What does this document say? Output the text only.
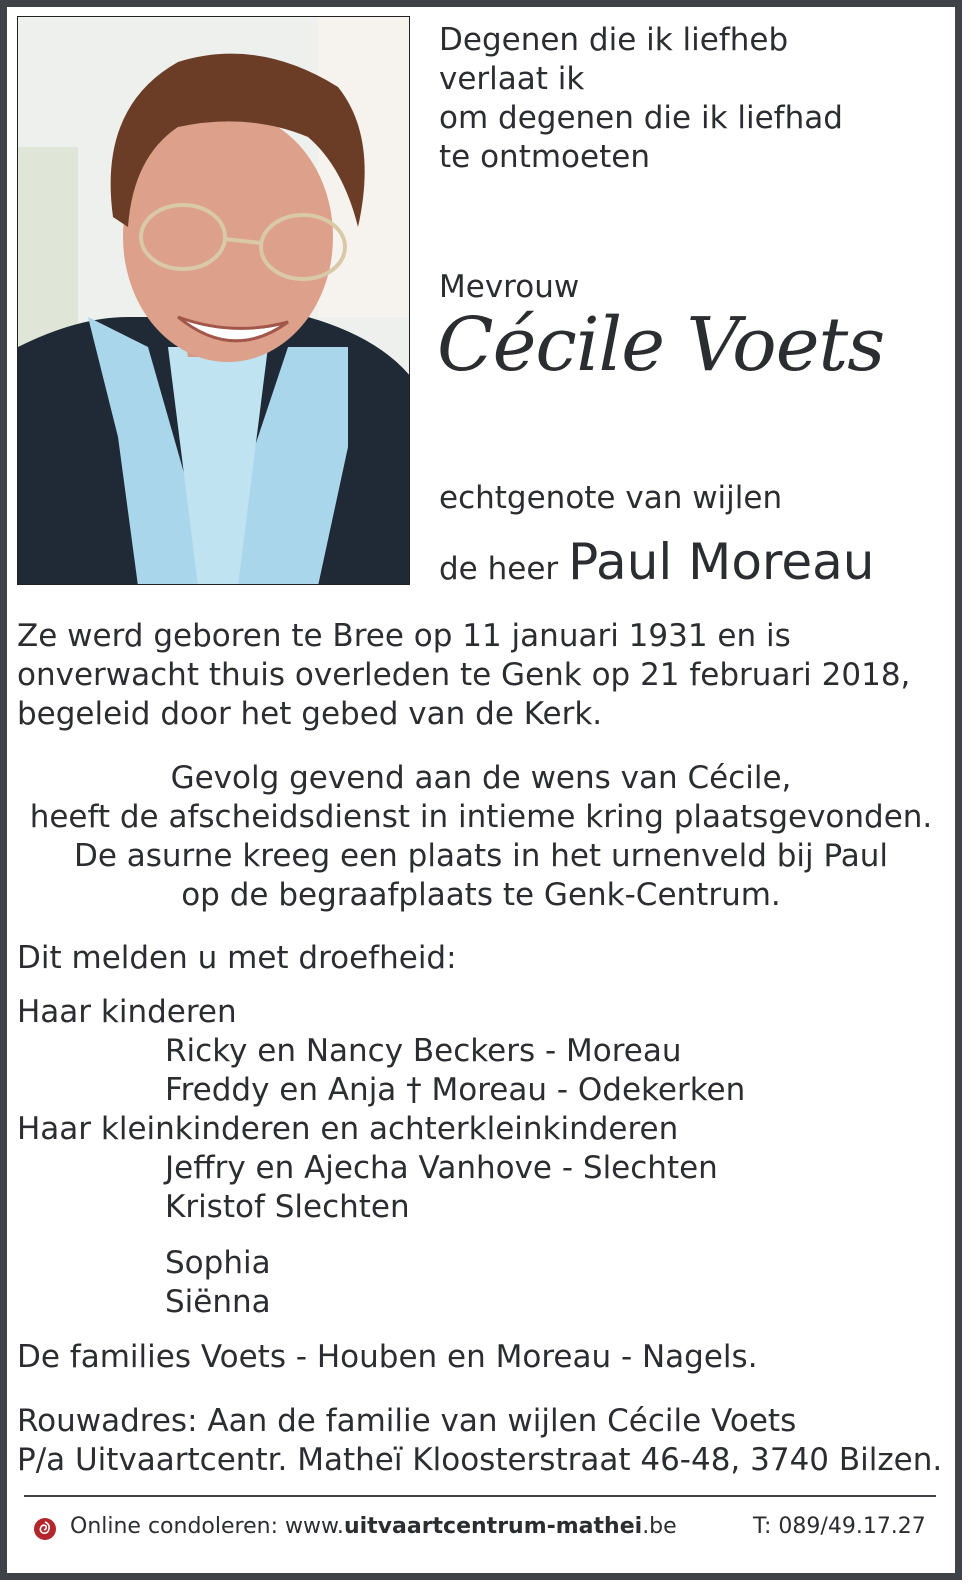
Degenen die ik liefheb
verlaat ik
om degenen die ik liefhad
te ontmoeten
Mevrouw
Cécile Voets
echtgenote van wijlen
de heer Paul Moreau
Ze werd geboren te Bree op 11 januari 1931 en is
onverwacht thuis overleden te Genk op 21 februari 2018,
begeleid door het gebed van de Kerk.
Gevolg gevend aan de wens van Cécile,
heeft de afscheidsdienst in intieme kring plaatsgevonden.
De asurne kreeg een plaats in het urnenveld bij Paul
op de begraafplaats te Genk-Centrum.
Dit melden u met droefheid:
Haar kinderen
Ricky en Nancy Beckers - Moreau
Freddy en Anja † Moreau - Odekerken
Haar kleinkinderen en achterkleinkinderen
Jeffry en Ajecha Vanhove - Slechten
Kristof Slechten
Sophia
Siënna
De families Voets - Houben en Moreau - Nagels.
Rouwadres: Aan de familie van wijlen Cécile Voets
P/a Uitvaartcentr. Matheï Kloosterstraat 46-48, 3740 Bilzen.
Online condoleren: www.uitvaartcentrum-mathei.be	T: 089/49.17.27
